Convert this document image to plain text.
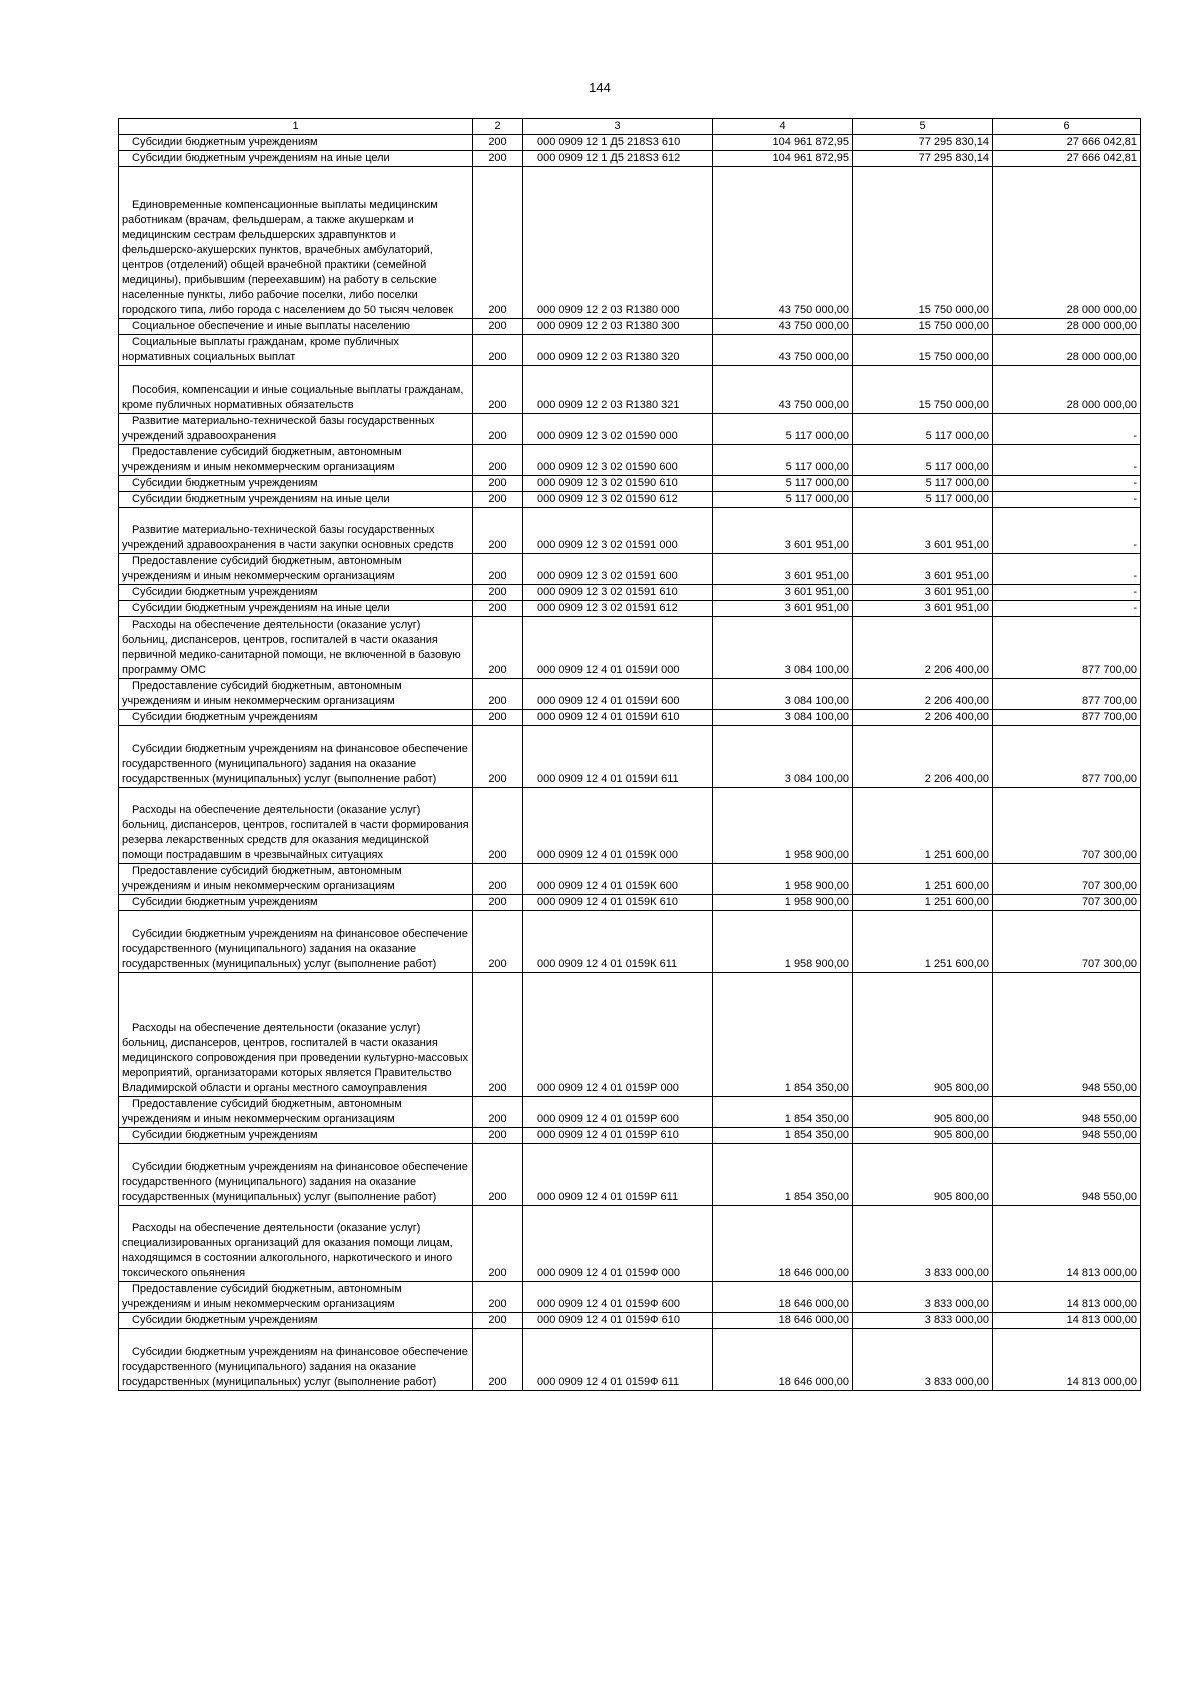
144
1	2	3	4	5	6

Субсидии бюджетным учреждениям	200	000 0909 12 1 Д5 218S3 610	104 961 872,95	77 295 830,14	27 666 042,81

Субсидии бюджетным учреждениям на иные цели	200	000 0909 12 1 Д5 218S3 612	104 961 872,95	77 295 830,14	27 666 042,81

Единовременные компенсационные выплаты медицинским работникам (врачам, фельдшерам, а также акушеркам и медицинским сестрам фельдшерских здравпунктов и фельдшерско-акушерских пунктов, врачебных амбулаторий, центров (отделений) общей врачебной практики (семейной медицины), прибывшим (переехавшим) на работу в сельские населенные пункты, либо рабочие поселки, либо поселки городского типа, либо города с населением до 50 тысяч человек	200	000 0909 12 2 03 R1380 000	43 750 000,00	15 750 000,00	28 000 000,00

Социальное обеспечение и иные выплаты населению	200	000 0909 12 2 03 R1380 300	43 750 000,00	15 750 000,00	28 000 000,00

Социальные выплаты гражданам, кроме публичных нормативных социальных выплат	200	000 0909 12 2 03 R1380 320	43 750 000,00	15 750 000,00	28 000 000,00

Пособия, компенсации и иные социальные выплаты гражданам, кроме публичных нормативных обязательств	200	000 0909 12 2 03 R1380 321	43 750 000,00	15 750 000,00	28 000 000,00

Развитие материально-технической базы государственных учреждений здравоохранения	200	000 0909 12 3 02 01590 000	5 117 000,00	5 117 000,00	-

Предоставление субсидий бюджетным, автономным учреждениям и иным некоммерческим организациям	200	000 0909 12 3 02 01590 600	5 117 000,00	5 117 000,00	-

Субсидии бюджетным учреждениям	200	000 0909 12 3 02 01590 610	5 117 000,00	5 117 000,00	-

Субсидии бюджетным учреждениям на иные цели	200	000 0909 12 3 02 01590 612	5 117 000,00	5 117 000,00	-

Развитие материально-технической базы государственных учреждений здравоохранения в части закупки основных средств	200	000 0909 12 3 02 01591 000	3 601 951,00	3 601 951,00	-

Предоставление субсидий бюджетным, автономным учреждениям и иным некоммерческим организациям	200	000 0909 12 3 02 01591 600	3 601 951,00	3 601 951,00	-

Субсидии бюджетным учреждениям	200	000 0909 12 3 02 01591 610	3 601 951,00	3 601 951,00	-

Субсидии бюджетным учреждениям на иные цели	200	000 0909 12 3 02 01591 612	3 601 951,00	3 601 951,00	-

Расходы на обеспечение деятельности (оказание услуг) больниц, диспансеров, центров, госпиталей в части оказания первичной медико-санитарной помощи, не включенной в базовую программу ОМС	200	000 0909 12 4 01 0159И 000	3 084 100,00	2 206 400,00	877 700,00

Предоставление субсидий бюджетным, автономным учреждениям и иным некоммерческим организациям	200	000 0909 12 4 01 0159И 600	3 084 100,00	2 206 400,00	877 700,00

Субсидии бюджетным учреждениям	200	000 0909 12 4 01 0159И 610	3 084 100,00	2 206 400,00	877 700,00

Субсидии бюджетным учреждениям на финансовое обеспечение государственного (муниципального) задания на оказание государственных (муниципальных) услуг (выполнение работ)	200	000 0909 12 4 01 0159И 611	3 084 100,00	2 206 400,00	877 700,00

Расходы на обеспечение деятельности (оказание услуг) больниц, диспансеров, центров, госпиталей в части формирования резерва лекарственных средств для оказания медицинской помощи пострадавшим в чрезвычайных ситуациях	200	000 0909 12 4 01 0159К 000	1 958 900,00	1 251 600,00	707 300,00

Предоставление субсидий бюджетным, автономным учреждениям и иным некоммерческим организациям	200	000 0909 12 4 01 0159К 600	1 958 900,00	1 251 600,00	707 300,00

Субсидии бюджетным учреждениям	200	000 0909 12 4 01 0159К 610	1 958 900,00	1 251 600,00	707 300,00

Субсидии бюджетным учреждениям на финансовое обеспечение государственного (муниципального) задания на оказание государственных (муниципальных) услуг (выполнение работ)	200	000 0909 12 4 01 0159К 611	1 958 900,00	1 251 600,00	707 300,00

Расходы на обеспечение деятельности (оказание услуг) больниц, диспансеров, центров, госпиталей в части оказания медицинского сопровождения при проведении культурно-массовых мероприятий, организаторами которых является Правительство Владимирской области и органы местного самоуправления	200	000 0909 12 4 01 0159Р 000	1 854 350,00	905 800,00	948 550,00

Предоставление субсидий бюджетным, автономным учреждениям и иным некоммерческим организациям	200	000 0909 12 4 01 0159Р 600	1 854 350,00	905 800,00	948 550,00

Субсидии бюджетным учреждениям	200	000 0909 12 4 01 0159Р 610	1 854 350,00	905 800,00	948 550,00

Субсидии бюджетным учреждениям на финансовое обеспечение государственного (муниципального) задания на оказание государственных (муниципальных) услуг (выполнение работ)	200	000 0909 12 4 01 0159Р 611	1 854 350,00	905 800,00	948 550,00

Расходы на обеспечение деятельности (оказание услуг) специализированных организаций для оказания помощи лицам, находящимся в состоянии алкогольного, наркотического и иного токсического опьянения	200	000 0909 12 4 01 0159Ф 000	18 646 000,00	3 833 000,00	14 813 000,00

Предоставление субсидий бюджетным, автономным учреждениям и иным некоммерческим организациям	200	000 0909 12 4 01 0159Ф 600	18 646 000,00	3 833 000,00	14 813 000,00

Субсидии бюджетным учреждениям	200	000 0909 12 4 01 0159Ф 610	18 646 000,00	3 833 000,00	14 813 000,00

Субсидии бюджетным учреждениям на финансовое обеспечение государственного (муниципального) задания на оказание государственных (муниципальных) услуг (выполнение работ)	200	000 0909 12 4 01 0159Ф 611	18 646 000,00	3 833 000,00	14 813 000,00
